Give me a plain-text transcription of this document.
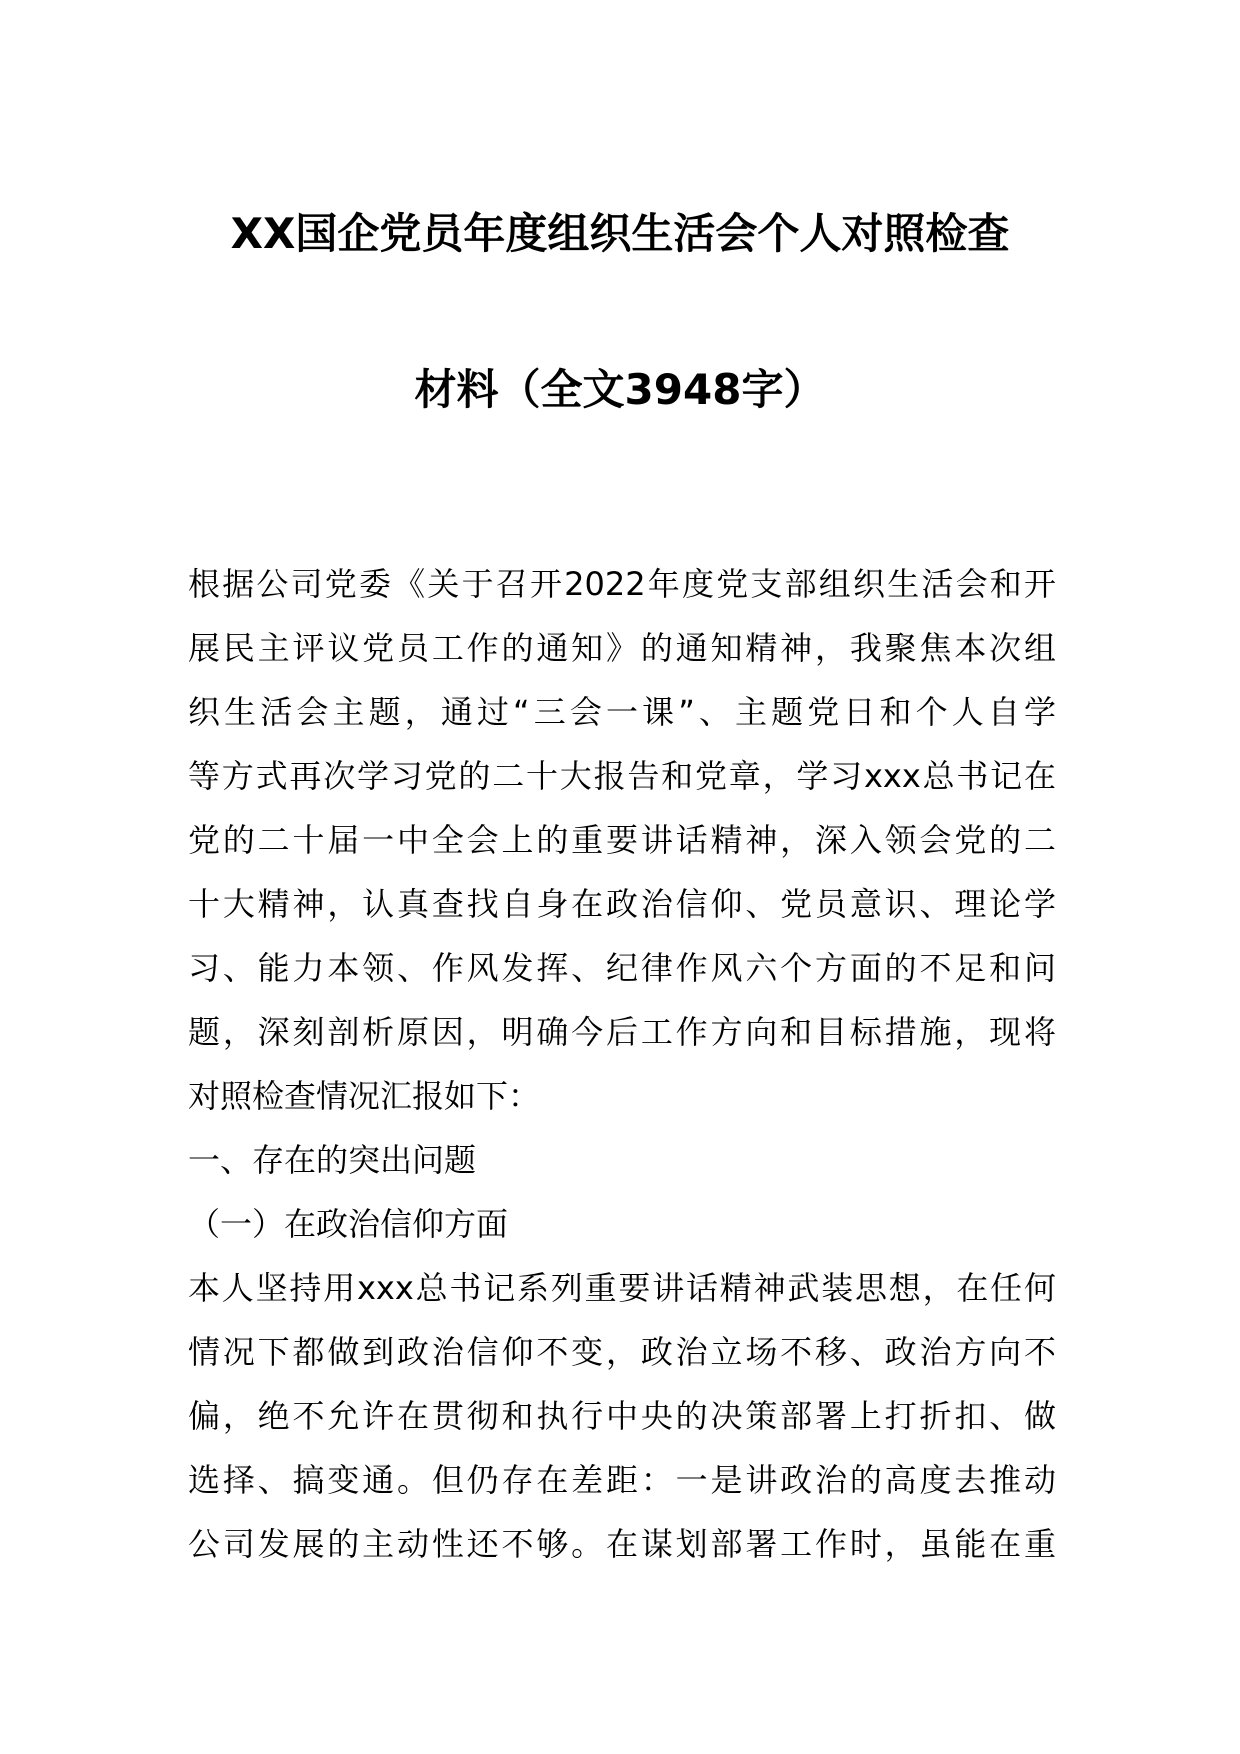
XX国企党员年度组织生活会个人对照检查
材料（全文3948字）
根据公司党委《关于召开2022年度党支部组织生活会和开
展民主评议党员工作的通知》的通知精神，我聚焦本次组
织生活会主题，通过“三会一课”、主题党日和个人自学
等方式再次学习党的二十大报告和党章，学习xxx总书记在
党的二十届一中全会上的重要讲话精神，深入领会党的二
十大精神，认真查找自身在政治信仰、党员意识、理论学
习、能力本领、作风发挥、纪律作风六个方面的不足和问
题，深刻剖析原因，明确今后工作方向和目标措施，现将
对照检查情况汇报如下：
一、存在的突出问题
（一）在政治信仰方面
本人坚持用xxx总书记系列重要讲话精神武装思想，在任何
情况下都做到政治信仰不变，政治立场不移、政治方向不
偏，绝不允许在贯彻和执行中央的决策部署上打折扣、做
选择、搞变通。但仍存在差距：一是讲政治的高度去推动
公司发展的主动性还不够。在谋划部署工作时，虽能在重
